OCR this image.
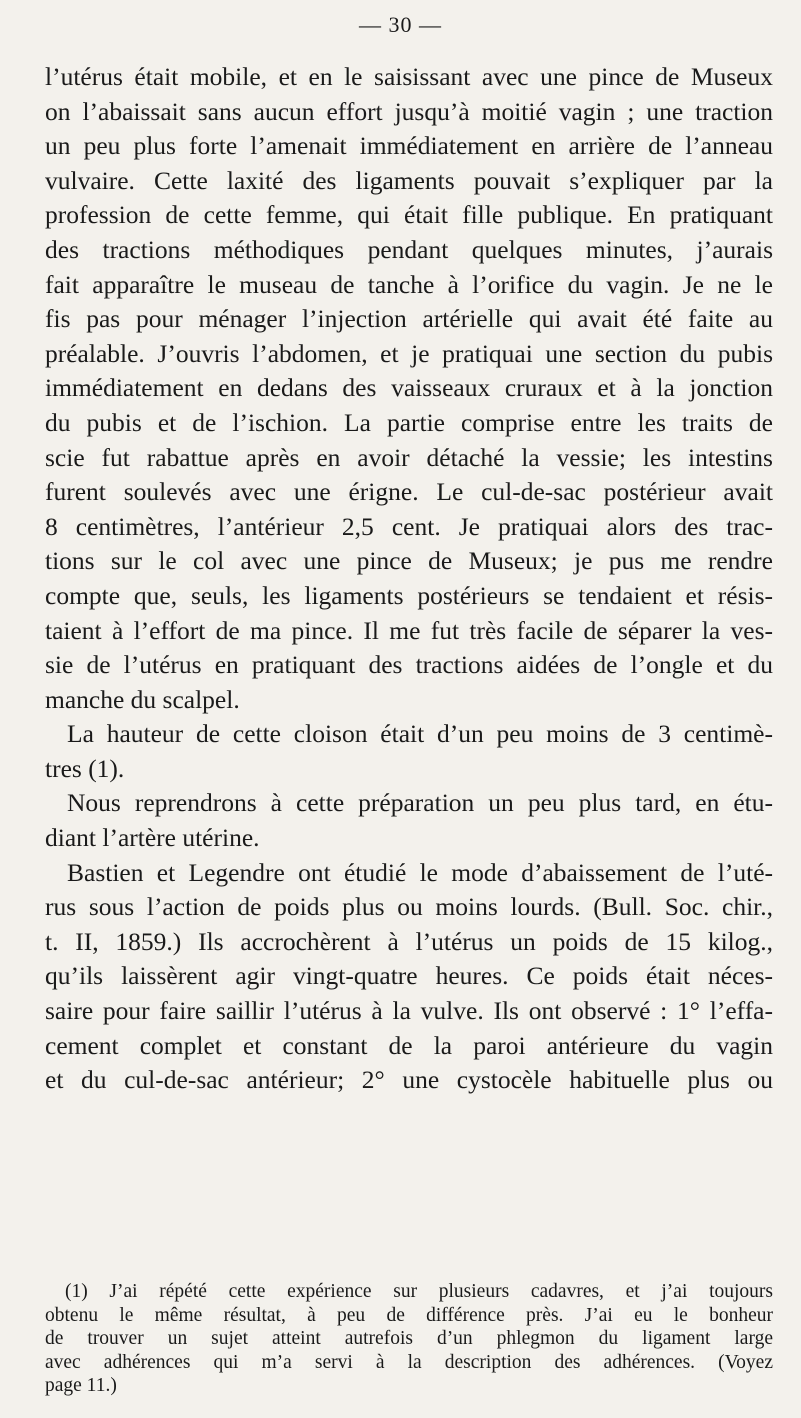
— 30 —
l’utérus était mobile, et en le saisissant avec une pince de Museux
on l’abaissait sans aucun effort jusqu’à moitié vagin ; une traction
un peu plus forte l’amenait immédiatement en arrière de l’anneau
vulvaire. Cette laxité des ligaments pouvait s’expliquer par la
profession de cette femme, qui était fille publique. En pratiquant
des tractions méthodiques pendant quelques minutes, j’aurais
fait apparaître le museau de tanche à l’orifice du vagin. Je ne le
fis pas pour ménager l’injection artérielle qui avait été faite au
préalable. J’ouvris l’abdomen, et je pratiquai une section du pubis
immédiatement en dedans des vaisseaux cruraux et à la jonction
du pubis et de l’ischion. La partie comprise entre les traits de
scie fut rabattue après en avoir détaché la vessie; les intestins
furent soulevés avec une érigne. Le cul-de-sac postérieur avait
8 centimètres, l’antérieur 2,5 cent. Je pratiquai alors des trac-
tions sur le col avec une pince de Museux; je pus me rendre
compte que, seuls, les ligaments postérieurs se tendaient et résis-
taient à l’effort de ma pince. Il me fut très facile de séparer la ves-
sie de l’utérus en pratiquant des tractions aidées de l’ongle et du
manche du scalpel.
La hauteur de cette cloison était d’un peu moins de 3 centimè-
tres (1).
Nous reprendrons à cette préparation un peu plus tard, en étu-
diant l’artère utérine.
Bastien et Legendre ont étudié le mode d’abaissement de l’uté-
rus sous l’action de poids plus ou moins lourds. (Bull. Soc. chir.,
t. II, 1859.) Ils accrochèrent à l’utérus un poids de 15 kilog.,
qu’ils laissèrent agir vingt-quatre heures. Ce poids était néces-
saire pour faire saillir l’utérus à la vulve. Ils ont observé : 1° l’effa-
cement complet et constant de la paroi antérieure du vagin
et du cul-de-sac antérieur; 2° une cystocèle habituelle plus ou
(1) J’ai répété cette expérience sur plusieurs cadavres, et j’ai toujours
obtenu le même résultat, à peu de différence près. J’ai eu le bonheur
de trouver un sujet atteint autrefois d’un phlegmon du ligament large
avec adhérences qui m’a servi à la description des adhérences. (Voyez
page 11.)
